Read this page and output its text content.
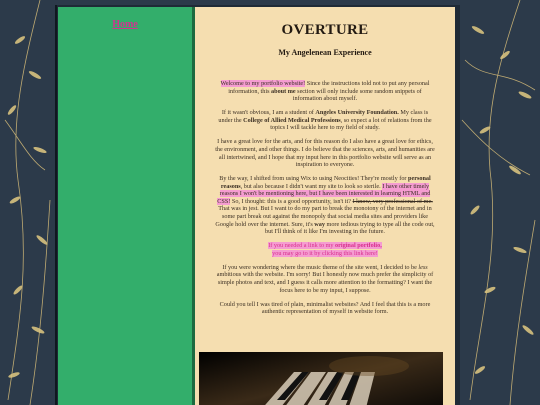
Home	OVERTURE
My Angelenean Experience

Welcome to my portfolio website! Since the instructions told not to put any personal information, this about me section will only include some random snippets of information about myself.

If it wasn't obvious, I am a student of Angeles University Foundation. My class is under the College of Allied Medical Professions, so expect a lot of relations from the topics I will tackle here to my field of study.

I have a great love for the arts, and for this reason do I also have a great love for ethics, the environment, and other things. I do believe that the sciences, arts, and humanities are all intertwined, and I hope that my input here in this portfolio website will serve as an inspiration to everyone.

By the way, I shifted from using Wix to using Neocities! They're mostly for personal reasons, but also because I didn't want my site to look so sterile. I have other timely reasons I won't be mentioning here, but I have been interested in learning HTML and CSS! So, I thought: this is a good opportunity, isn't it? I know, very professional of me. That was in jest. But I want to do my part to break the monotony of the internet and in some part break out against the monopoly that social media sites and providers like Google hold over the internet. Sure, it's way more tedious trying to type all the code out, but I'll think of it like I'm investing in the future.

If you needed a link to my original portfolio,
you may go to it by clicking this link here!

If you were wondering where the music theme of the site went, I decided to be less ambitious with the website. I'm sorry! But I honestly now much prefer the simplicity of simple photos and text, and I guess it calls more attention to the formatting? I want the focus here to be my input, I suppose.

Could you tell I was tired of plain, minimalist websites? And I feel that this is a more authentic representation of myself in website form.
